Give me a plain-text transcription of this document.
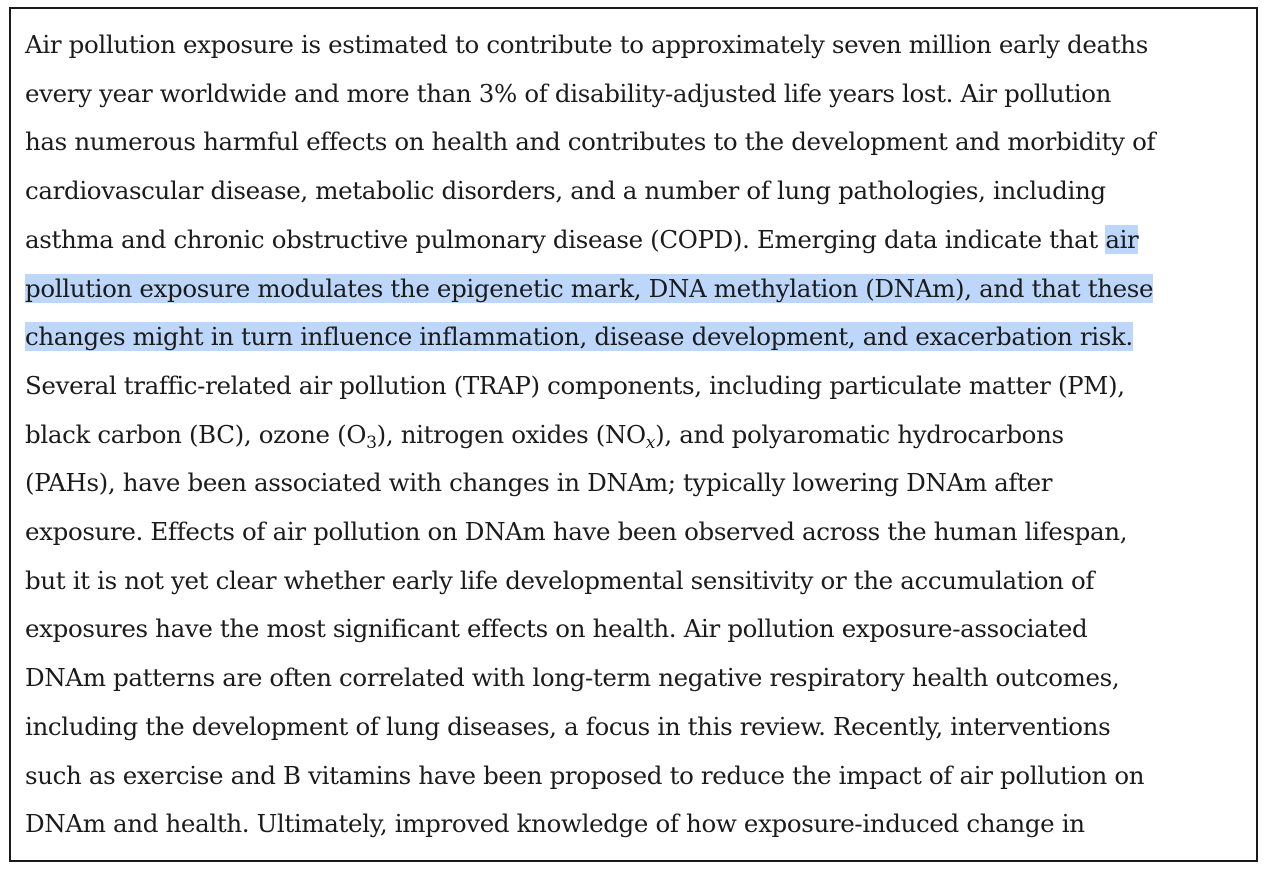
Air pollution exposure is estimated to contribute to approximately seven million early deaths
every year worldwide and more than 3% of disability-adjusted life years lost. Air pollution
has numerous harmful effects on health and contributes to the development and morbidity of
cardiovascular disease, metabolic disorders, and a number of lung pathologies, including
asthma and chronic obstructive pulmonary disease (COPD). Emerging data indicate that air
pollution exposure modulates the epigenetic mark, DNA methylation (DNAm), and that these
changes might in turn influence inflammation, disease development, and exacerbation risk.
Several traffic-related air pollution (TRAP) components, including particulate matter (PM),
black carbon (BC), ozone $(O_3)$, nitrogen oxides $(NO_x)$, and polyaromatic hydrocarbons
(PAHs), have been associated with changes in DNAm; typically lowering DNAm after
exposure. Effects of air pollution on DNAm have been observed across the human lifespan,
but it is not yet clear whether early life developmental sensitivity or the accumulation of
exposures have the most significant effects on health. Air pollution exposure-associated
DNAm patterns are often correlated with long-term negative respiratory health outcomes,
including the development of lung diseases, a focus in this review. Recently, interventions
such as exercise and B vitamins have been proposed to reduce the impact of air pollution on
DNAm and health. Ultimately, improved knowledge of how exposure-induced change in
